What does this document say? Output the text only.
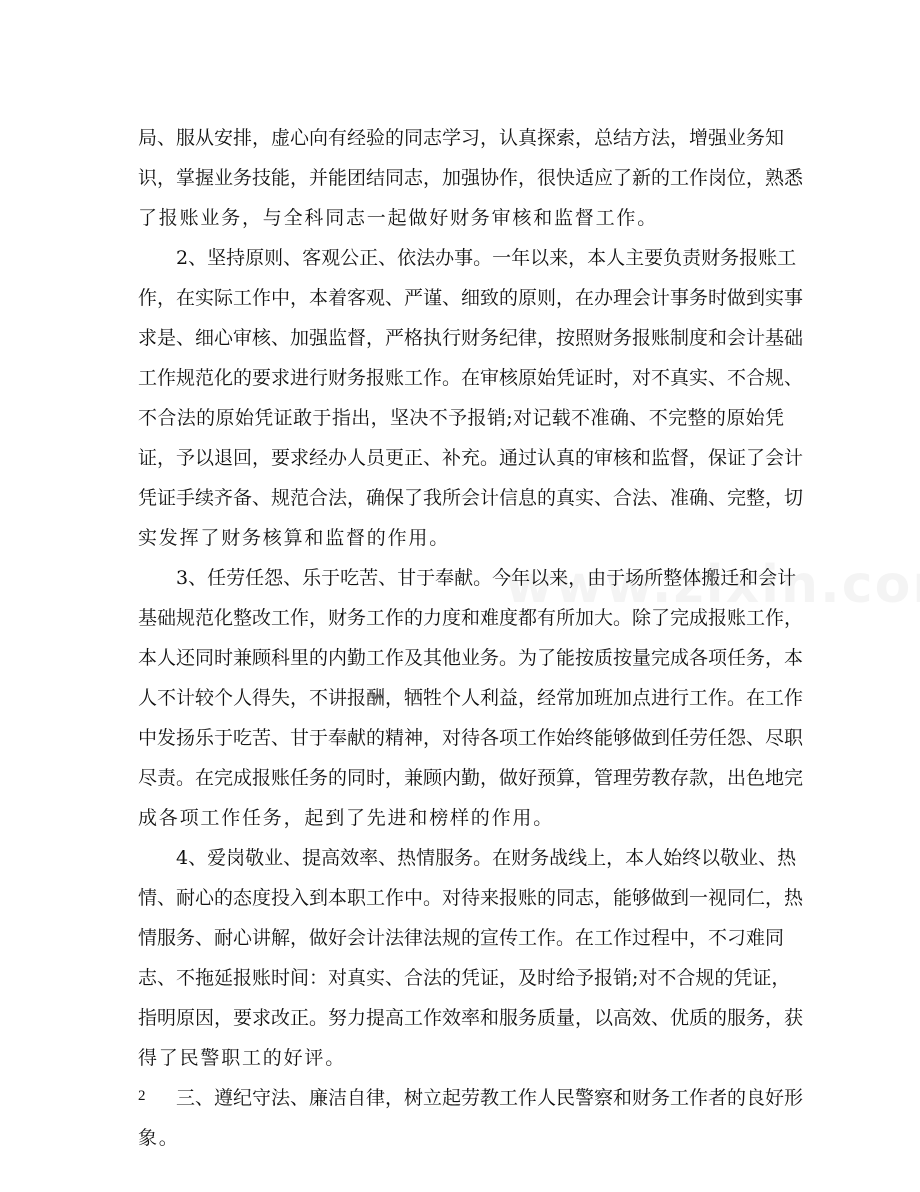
局、服从安排，虚心向有经验的同志学习，认真探索，总结方法，增强业务知
识，掌握业务技能，并能团结同志，加强协作，很快适应了新的工作岗位，熟悉
了报账业务，与全科同志一起做好财务审核和监督工作。
2、坚持原则、客观公正、依法办事。一年以来，本人主要负责财务报账工
作，在实际工作中，本着客观、严谨、细致的原则，在办理会计事务时做到实事
求是、细心审核、加强监督，严格执行财务纪律，按照财务报账制度和会计基础
工作规范化的要求进行财务报账工作。在审核原始凭证时，对不真实、不合规、
不合法的原始凭证敢于指出，坚决不予报销;对记载不准确、不完整的原始凭
证，予以退回，要求经办人员更正、补充。通过认真的审核和监督，保证了会计
凭证手续齐备、规范合法，确保了我所会计信息的真实、合法、准确、完整，切
实发挥了财务核算和监督的作用。
3、任劳任怨、乐于吃苦、甘于奉献。今年以来，由于场所整体搬迁和会计
基础规范化整改工作，财务工作的力度和难度都有所加大。除了完成报账工作，
本人还同时兼顾科里的内勤工作及其他业务。为了能按质按量完成各项任务，本
人不计较个人得失，不讲报酬，牺牲个人利益，经常加班加点进行工作。在工作
中发扬乐于吃苦、甘于奉献的精神，对待各项工作始终能够做到任劳任怨、尽职
尽责。在完成报账任务的同时，兼顾内勤，做好预算，管理劳教存款，出色地完
成各项工作任务，起到了先进和榜样的作用。
4、爱岗敬业、提高效率、热情服务。在财务战线上，本人始终以敬业、热
情、耐心的态度投入到本职工作中。对待来报账的同志，能够做到一视同仁，热
情服务、耐心讲解，做好会计法律法规的宣传工作。在工作过程中，不刁难同
志、不拖延报账时间：对真实、合法的凭证，及时给予报销;对不合规的凭证，
指明原因，要求改正。努力提高工作效率和服务质量，以高效、优质的服务，获
得了民警职工的好评。
三、遵纪守法、廉洁自律，树立起劳教工作人民警察和财务工作者的良好形
象。
2
